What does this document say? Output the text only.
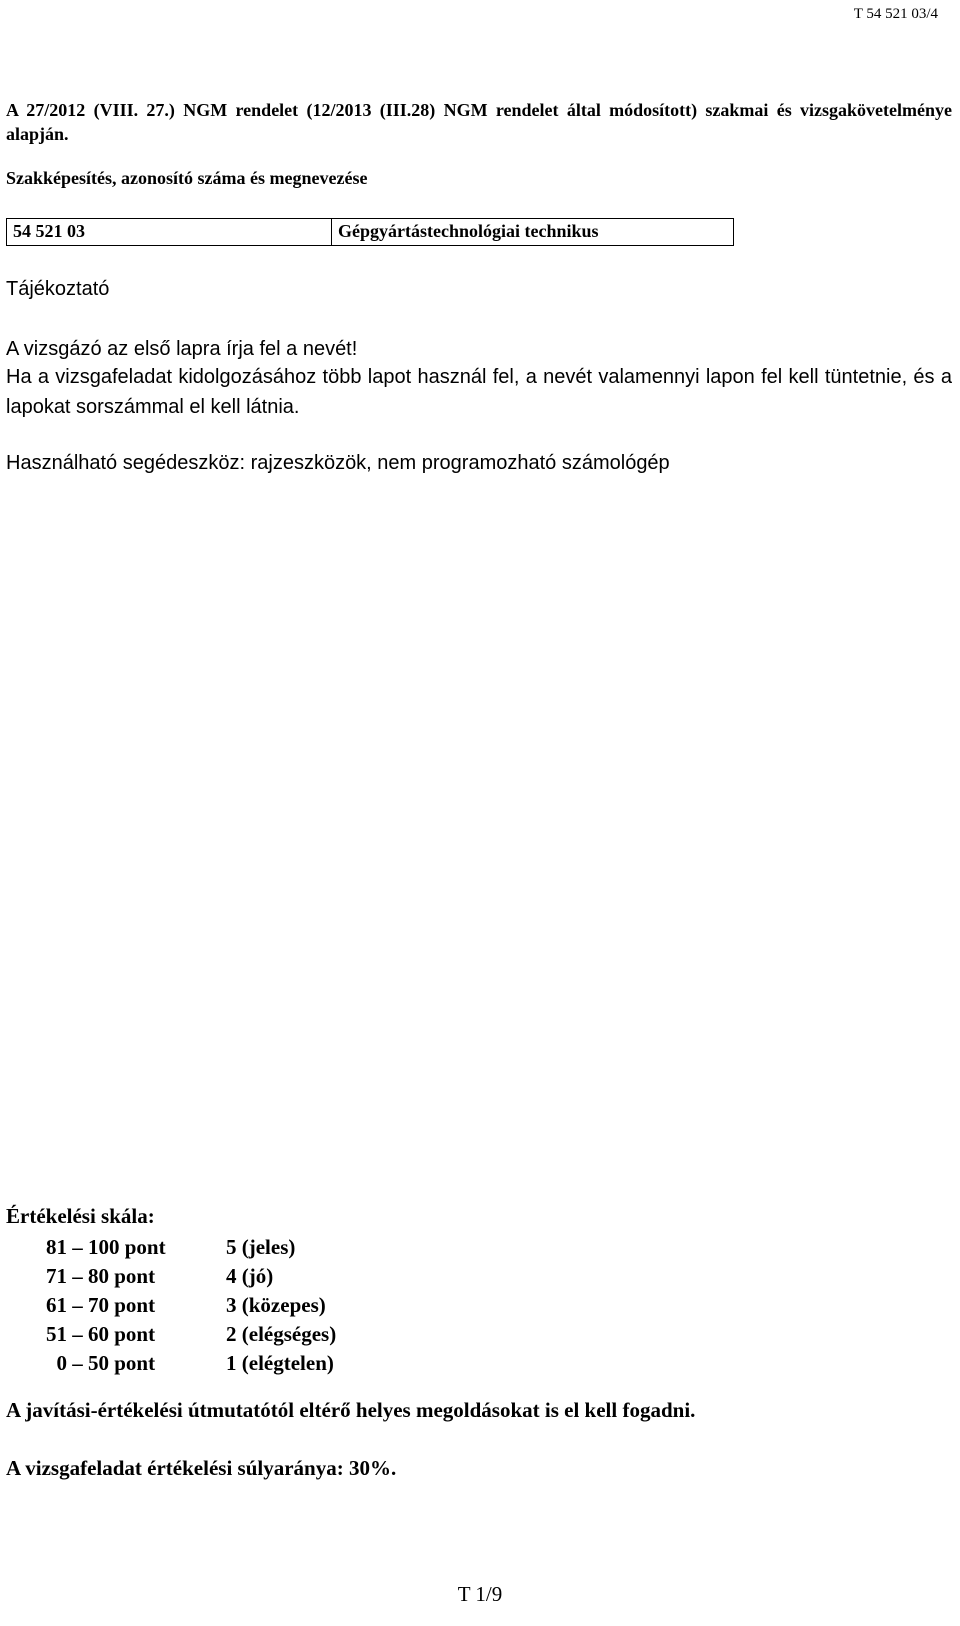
T 54 521 03/4
A 27/2012 (VIII. 27.) NGM rendelet (12/2013 (III.28) NGM rendelet által módosított) szakmai és vizsgakövetelménye alapján.
Szakképesítés, azonosító száma és megnevezése
54 521 03	Gépgyártástechnológiai technikus
Tájékoztató
A vizsgázó az első lapra írja fel a nevét!
Ha a vizsgafeladat kidolgozásához több lapot használ fel, a nevét valamennyi lapon fel kell tüntetnie, és a lapokat sorszámmal el kell látnia.
Használható segédeszköz: rajzeszközök, nem programozható számológép
Értékelési skála:
81 – 100 pont	5 (jeles)
71 – 80 pont	4 (jó)
61 – 70 pont	3 (közepes)
51 – 60 pont	2 (elégséges)
0 – 50 pont	1 (elégtelen)
A javítási-értékelési útmutatótól eltérő helyes megoldásokat is el kell fogadni.
A vizsgafeladat értékelési súlyaránya: 30%.
T 1/9
